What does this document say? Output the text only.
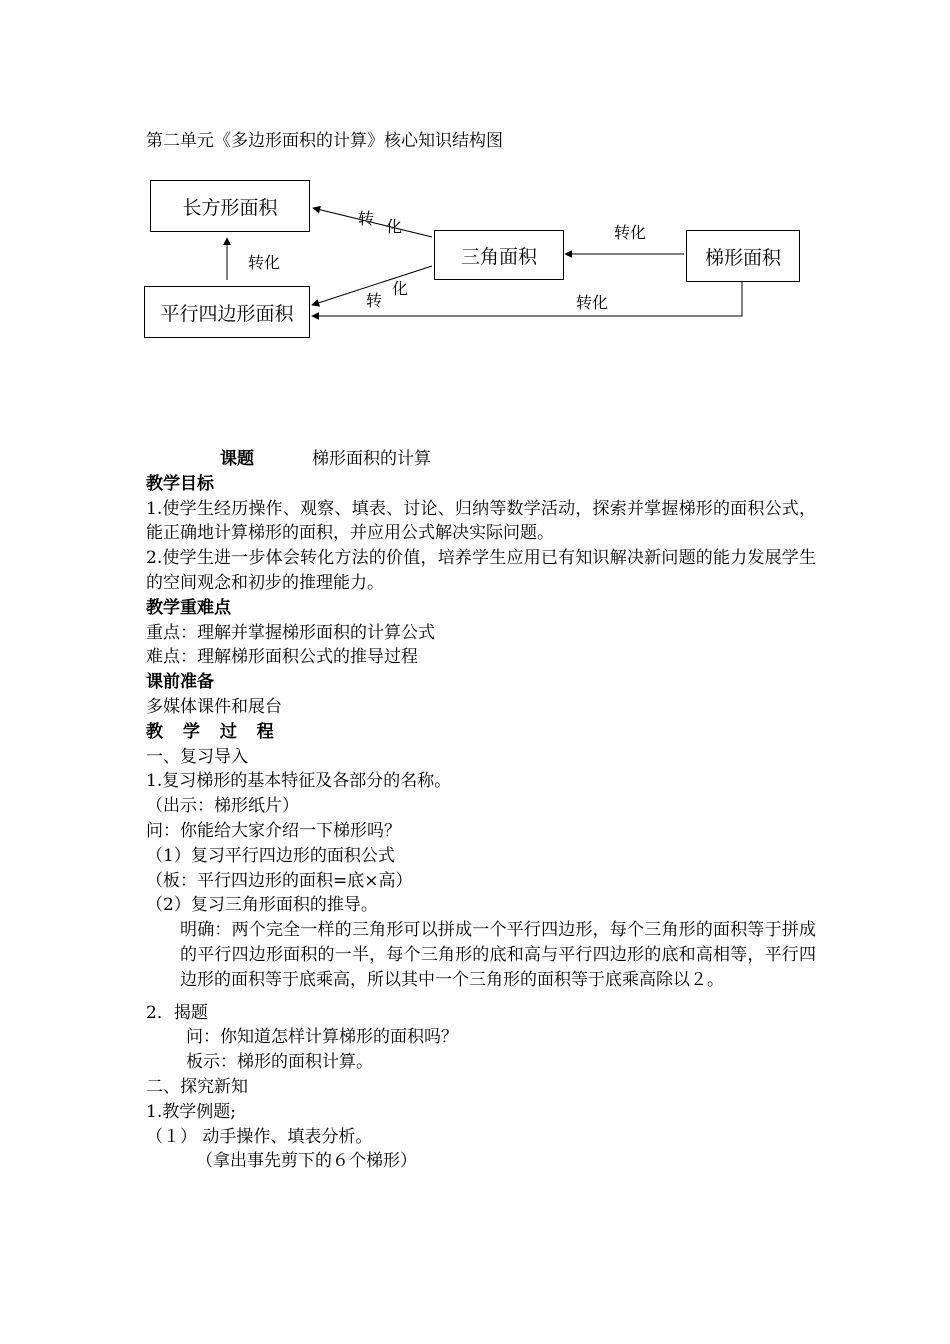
第二单元《多边形面积的计算》核心知识结构图
长方形面积
平行四边形面积
三角面积	梯形面积
转 化
转化
转化
转
化
转化
课题	梯形面积的计算
教学目标
1.使学生经历操作、观察、填表、讨论、归纳等数学活动，探索并掌握梯形的面积公式，能正确地计算梯形的面积，并应用公式解决实际问题。
2.使学生进一步体会转化方法的价值，培养学生应用已有知识解决新问题的能力发展学生的空间观念和初步的推理能力。
教学重难点
重点：理解并掌握梯形面积的计算公式
难点：理解梯形面积公式的推导过程
课前准备
多媒体课件和展台
教 学 过 程
一、复习导入
1.复习梯形的基本特征及各部分的名称。
（出示：梯形纸片）
问：你能给大家介绍一下梯形吗？
（1）复习平行四边形的面积公式
（板：平行四边形的面积=底×高）
（2）复习三角形面积的推导。
明确：两个完全一样的三角形可以拼成一个平行四边形，每个三角形的面积等于拼成的平行四边形面积的一半，每个三角形的底和高与平行四边形的底和高相等，平行四边形的面积等于底乘高，所以其中一个三角形的面积等于底乘高除以２。
2．揭题
问：你知道怎样计算梯形的面积吗？
板示：梯形的面积计算。
二、探究新知
1.教学例题;
（１） 动手操作、填表分析。
（拿出事先剪下的６个梯形）
